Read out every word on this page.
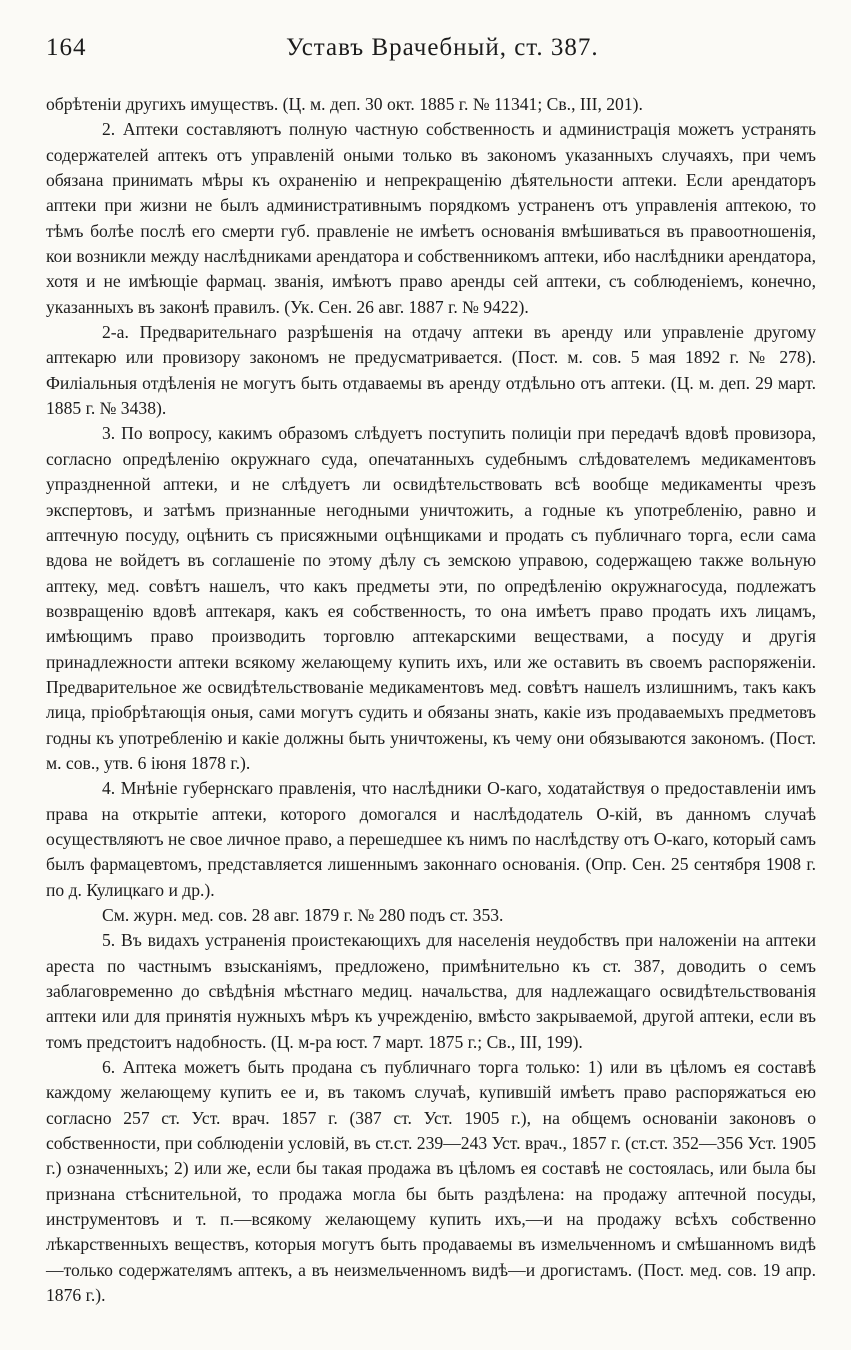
164	Уставъ Врачебный, ст. 387.

обрѣтеніи другихъ имуществъ. (Ц. м. деп. 30 окт. 1885 г. № 11341; Св., III, 201).

2. Аптеки составляютъ полную частную собственность и администрація можетъ устранять содержателей аптекъ отъ управленій оными только въ закономъ указанныхъ случаяхъ, при чемъ обязана принимать мѣры къ охраненію и непрекращенію дѣятельности аптеки. Если арендаторъ аптеки при жизни не былъ административнымъ порядкомъ устраненъ отъ управленія аптекою, то тѣмъ болѣе послѣ его смерти губ. правленіе не имѣетъ основанія вмѣшиваться въ правоотношенія, кои возникли между наслѣдниками арендатора и собственникомъ аптеки, ибо наслѣдники арендатора, хотя и не имѣющіе фармац. званія, имѣютъ право аренды сей аптеки, съ соблюденіемъ, конечно, указанныхъ въ законѣ правилъ. (Ук. Сен. 26 авг. 1887 г. № 9422).

2-а. Предварительнаго разрѣшенія на отдачу аптеки въ аренду или управленіе другому аптекарю или провизору закономъ не предусматривается. (Пост. м. сов. 5 мая 1892 г. № 278). Филіальныя отдѣленія не могутъ быть отдаваемы въ аренду отдѣльно отъ аптеки. (Ц. м. деп. 29 март. 1885 г. № 3438).

3. По вопросу, какимъ образомъ слѣдуетъ поступить полиціи при передачѣ вдовѣ провизора, согласно опредѣленію окружнаго суда, опечатанныхъ судебнымъ слѣдователемъ медикаментовъ упраздненной аптеки, и не слѣдуетъ ли освидѣтельствовать всѣ вообще медикаменты чрезъ экспертовъ, и затѣмъ признанные негодными уничтожить, а годные къ употребленію, равно и аптечную посуду, оцѣнить съ присяжными оцѣнщиками и продать съ публичнаго торга, если сама вдова не войдетъ въ соглашеніе по этому дѣлу съ земскою управою, содержащею также вольную аптеку, мед. совѣтъ нашелъ, что какъ предметы эти, по опредѣленію окружнагосуда, подлежатъ возвращенію вдовѣ аптекаря, какъ ея собственность, то она имѣетъ право продать ихъ лицамъ, имѣющимъ право производить торговлю аптекарскими веществами, а посуду и другія принадлежности аптеки всякому желающему купить ихъ, или же оставить въ своемъ распоряженіи. Предварительное же освидѣтельствованіе медикаментовъ мед. совѣтъ нашелъ излишнимъ, такъ какъ лица, пріобрѣтающія оныя, сами могутъ судить и обязаны знать, какіе изъ продаваемыхъ предметовъ годны къ употребленію и какіе должны быть уничтожены, къ чему они обязываются закономъ. (Пост. м. сов., утв. 6 іюня 1878 г.).

4. Мнѣніе губернскаго правленія, что наслѣдники О-каго, ходатайствуя о предоставленіи имъ права на открытіе аптеки, которого домогался и наслѣдодатель О-кій, въ данномъ случаѣ осуществляютъ не свое личное право, а перешедшее къ нимъ по наслѣдству отъ О-каго, который самъ былъ фармацевтомъ, представляется лишеннымъ законнаго основанія. (Опр. Сен. 25 сентября 1908 г. по д. Кулицкаго и др.).

См. журн. мед. сов. 28 авг. 1879 г. № 280 подъ ст. 353.

5. Въ видахъ устраненія проистекающихъ для населенія неудобствъ при наложеніи на аптеки ареста по частнымъ взысканіямъ, предложено, примѣнительно къ ст. 387, доводить о семъ заблаговременно до свѣдѣнія мѣстнаго медиц. начальства, для надлежащаго освидѣтельствованія аптеки или для принятія нужныхъ мѣръ къ учрежденію, вмѣсто закрываемой, другой аптеки, если въ томъ предстоитъ надобность. (Ц. м-ра юст. 7 март. 1875 г.; Св., III, 199).

6. Аптека можетъ быть продана съ публичнаго торга только: 1) или въ цѣломъ ея составѣ каждому желающему купить ее и, въ такомъ случаѣ, купившій имѣетъ право распоряжаться ею согласно 257 ст. Уст. врач. 1857 г. (387 ст. Уст. 1905 г.), на общемъ основаніи законовъ о собственности, при соблюденіи условій, въ ст.ст. 239—243 Уст. врач., 1857 г. (ст.ст. 352—356 Уст. 1905 г.) означенныхъ; 2) или же, если бы такая продажа въ цѣломъ ея составѣ не состоялась, или была бы признана стѣснительной, то продажа могла бы быть раздѣлена: на продажу аптечной посуды, инструментовъ и т. п.—всякому желающему купить ихъ,—и на продажу всѣхъ собственно лѣкарственныхъ веществъ, которыя могутъ быть продаваемы въ измельченномъ и смѣшанномъ видѣ—только содержателямъ аптекъ, а въ неизмельченномъ видѣ—и дрогистамъ. (Пост. мед. сов. 19 апр. 1876 г.).
